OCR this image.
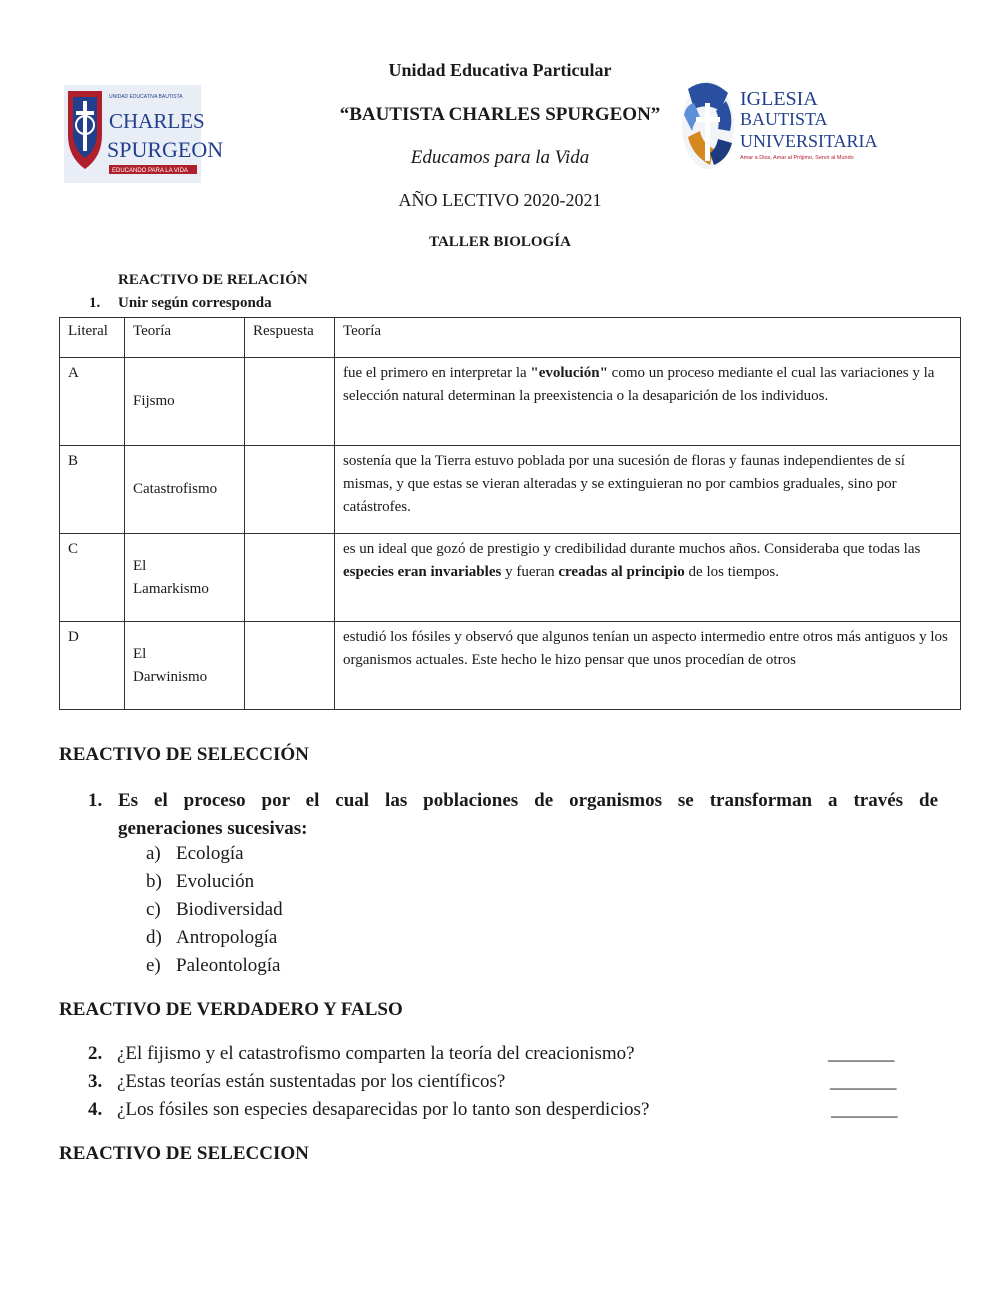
Unidad Educativa Particular
“BAUTISTA CHARLES SPURGEON”
Educamos para la Vida
AÑO LECTIVO 2020-2021
TALLER BIOLOGÍA
UNIDAD EDUCATIVA BAUTISTA
CHARLES
SPURGEON
EDUCANDO PARA LA VIDA
IGLESIA
BAUTISTA
UNIVERSITARIA
Amar a Dios, Amar al Prójimo, Servir al Mundo
REACTIVO DE RELACIÓN
1. Unir según corresponda
Literal	Teoría	Respuesta	Teoría
A	Fijsmo		fue el primero en interpretar la "evolución" como un proceso mediante el cual las variaciones y la selección natural determinan la preexistencia o la desaparición de los individuos.
B	Catastrofismo		sostenía que la Tierra estuvo poblada por una sucesión de floras y faunas independientes de sí mismas, y que estas se vieran alteradas y se extinguieran no por cambios graduales, sino por catástrofes.
C	El
Lamarkismo		es un ideal que gozó de prestigio y credibilidad durante muchos años. Consideraba que todas las especies eran invariables y fueran creadas al principio de los tiempos.
D	El
Darwinismo		estudió los fósiles y observó que algunos tenían un aspecto intermedio entre otros más antiguos y los organismos actuales. Este hecho le hizo pensar que unos procedían de otros
REACTIVO DE SELECCIÓN
1. Es el proceso por el cual las poblaciones de organismos se transforman a través de
generaciones sucesivas:
a) Ecología
b) Evolución
c) Biodiversidad
d) Antropología
e) Paleontología
REACTIVO DE VERDADERO Y FALSO
2. ¿El fijismo y el catastrofismo comparten la teoría del creacionismo?	_______
3. ¿Estas teorías están sustentadas por los científicos?	_______
4. ¿Los fósiles son especies desaparecidas por lo tanto son desperdicios?	_______
REACTIVO DE SELECCION
